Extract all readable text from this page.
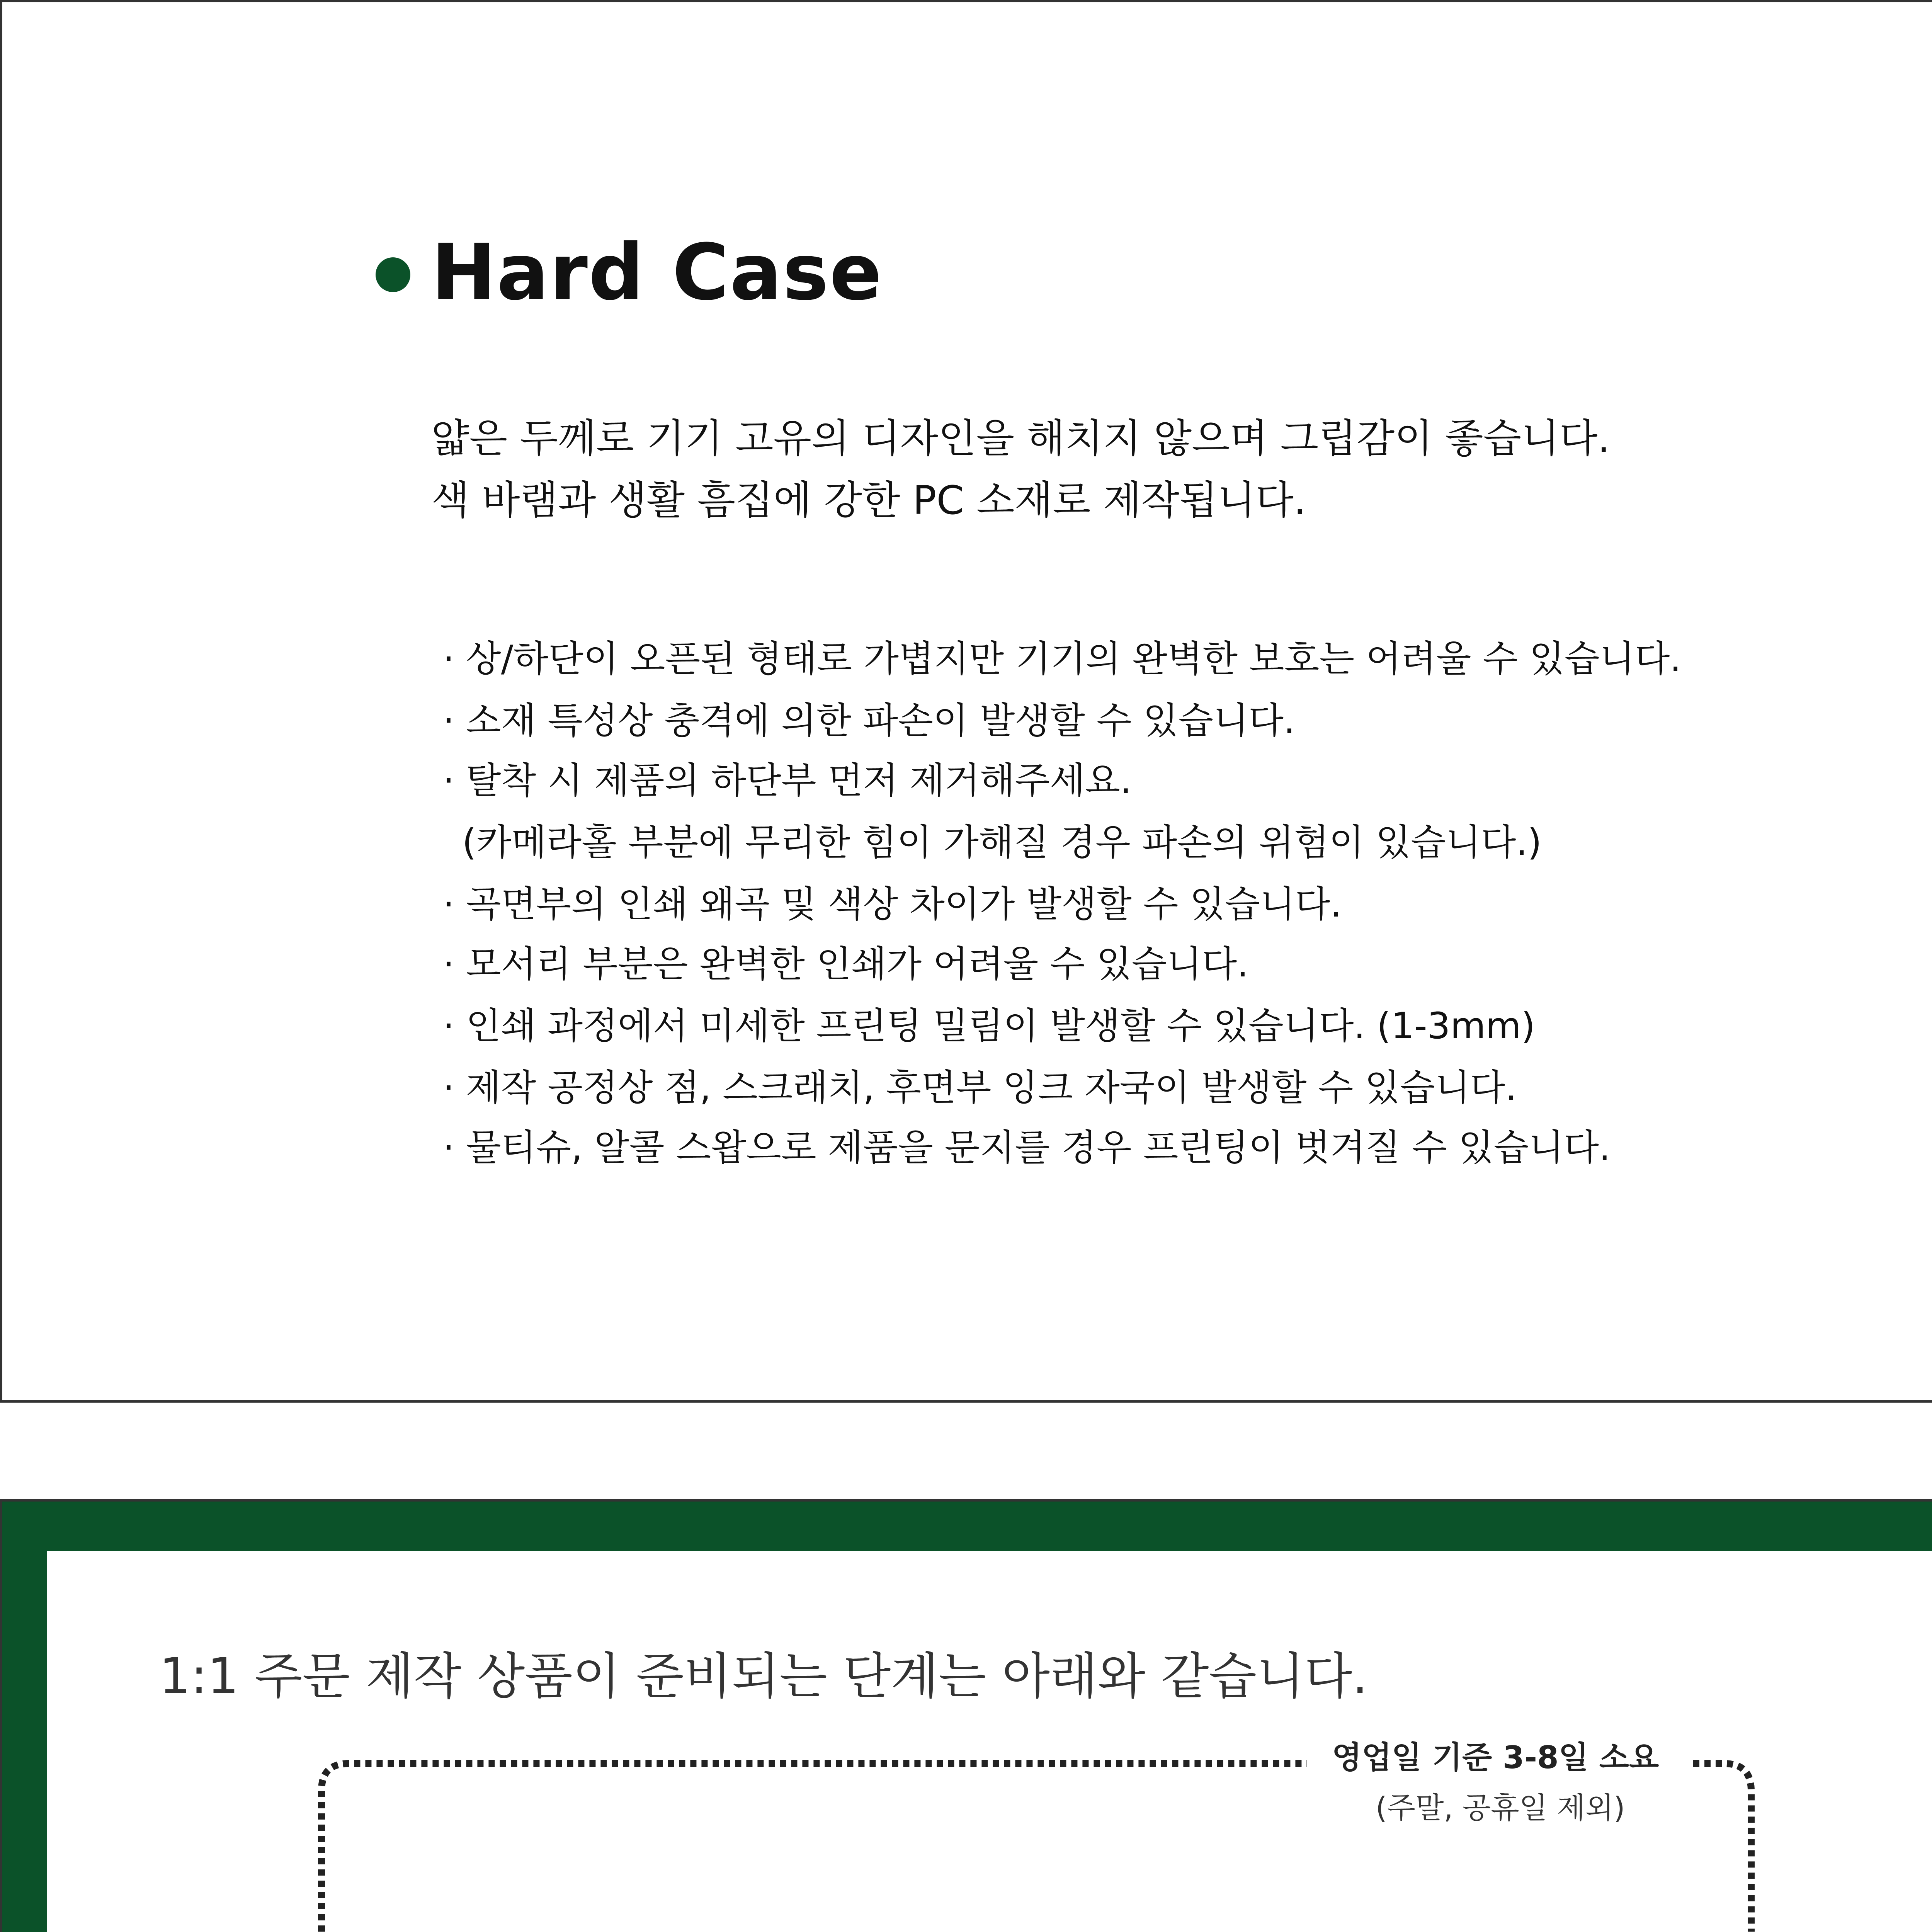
Hard Case
얇은 두께로 기기 고유의 디자인을 해치지 않으며 그립감이 좋습니다.
색 바램과 생활 흠집에 강한 PC 소재로 제작됩니다.
· 상/하단이 오픈된 형태로 가볍지만 기기의 완벽한 보호는 어려울 수 있습니다.
· 소재 특성상 충격에 의한 파손이 발생할 수 있습니다.
· 탈착 시 제품의 하단부 먼저 제거해주세요.
(카메라홀 부분에 무리한 힘이 가해질 경우 파손의 위험이 있습니다.)
· 곡면부의 인쇄 왜곡 및 색상 차이가 발생할 수 있습니다.
· 모서리 부분은 완벽한 인쇄가 어려울 수 있습니다.
· 인쇄 과정에서 미세한 프린팅 밀림이 발생할 수 있습니다. (1-3mm)
· 제작 공정상 점, 스크래치, 후면부 잉크 자국이 발생할 수 있습니다.
· 물티슈, 알콜 스왑으로 제품을 문지를 경우 프린팅이 벗겨질 수 있습니다.
1:1 주문 제작 상품이 준비되는 단계는 아래와 같습니다.
영업일 기준 3-8일 소요
(주말, 공휴일 제외)
